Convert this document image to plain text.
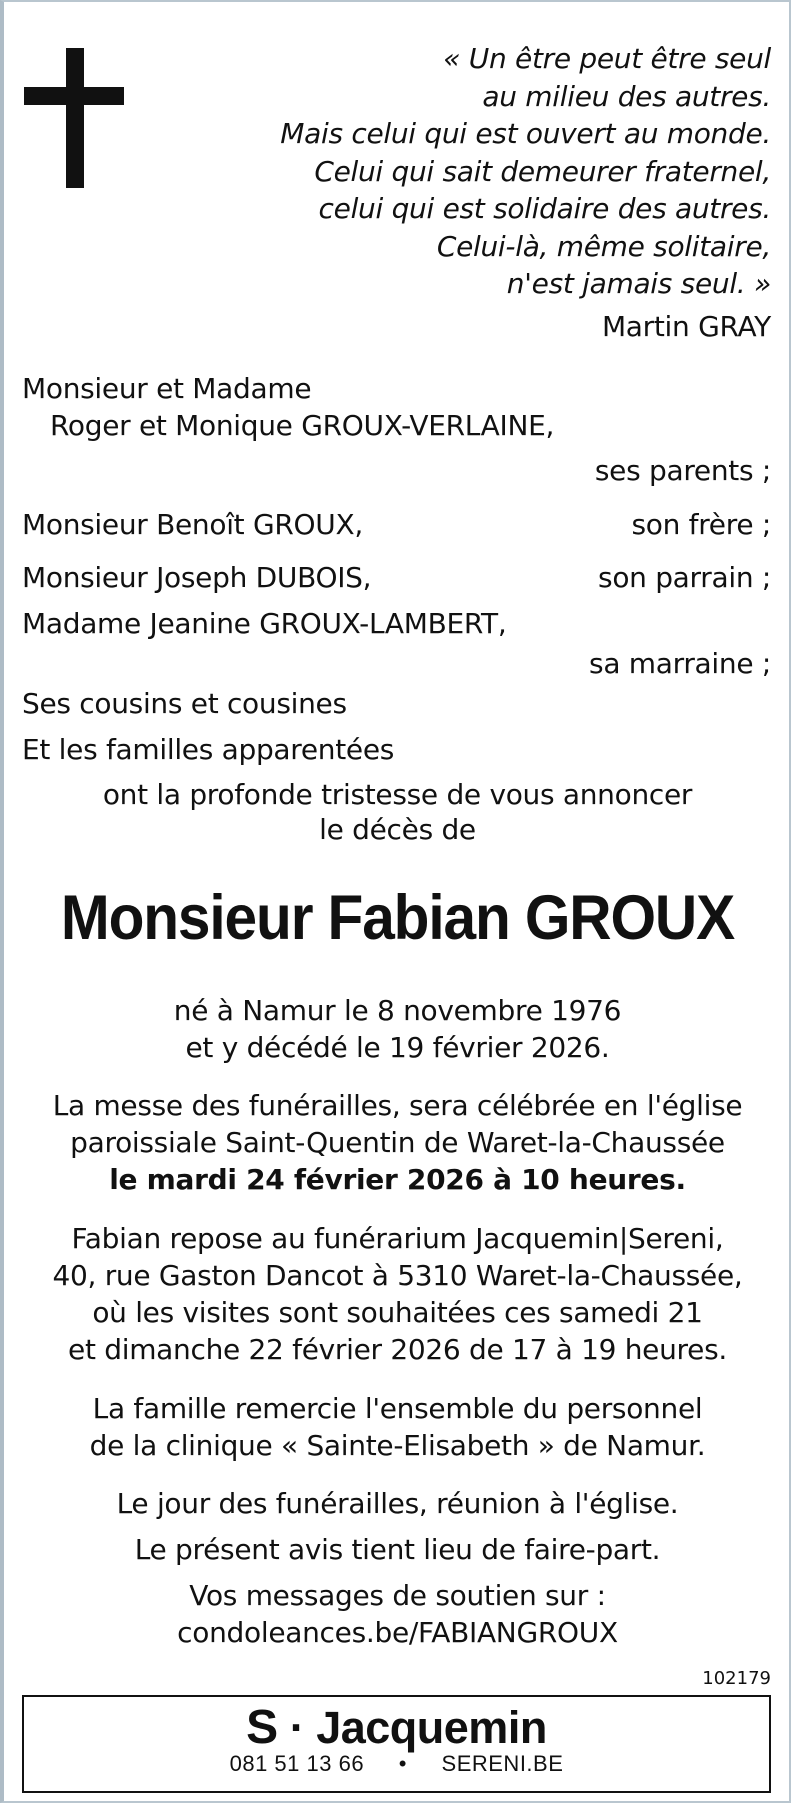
« Un être peut être seul
au milieu des autres.
Mais celui qui est ouvert au monde.
Celui qui sait demeurer fraternel,
celui qui est solidaire des autres.
Celui-là, même solitaire,
n'est jamais seul. »
Martin GRAY
Monsieur et Madame
Roger et Monique GROUX-VERLAINE,
ses parents ;
Monsieur Benoît GROUX,	son frère ;
Monsieur Joseph DUBOIS,	son parrain ;
Madame Jeanine GROUX-LAMBERT,
sa marraine ;
Ses cousins et cousines
Et les familles apparentées
ont la profonde tristesse de vous annoncer
le décès de
Monsieur Fabian GROUX
né à Namur le 8 novembre 1976
et y décédé le 19 février 2026.
La messe des funérailles, sera célébrée en l'église
paroissiale Saint-Quentin de Waret-la-Chaussée
le mardi 24 février 2026 à 10 heures.
Fabian repose au funérarium Jacquemin|Sereni,
40, rue Gaston Dancot à 5310 Waret-la-Chaussée,
où les visites sont souhaitées ces samedi 21
et dimanche 22 février 2026 de 17 à 19 heures.
La famille remercie l'ensemble du personnel
de la clinique « Sainte-Elisabeth » de Namur.
Le jour des funérailles, réunion à l'église.
Le présent avis tient lieu de faire-part.
Vos messages de soutien sur :
condoleances.be/FABIANGROUX
102179
S · Jacquemin
081 51 13 66 • SERENI.BE
